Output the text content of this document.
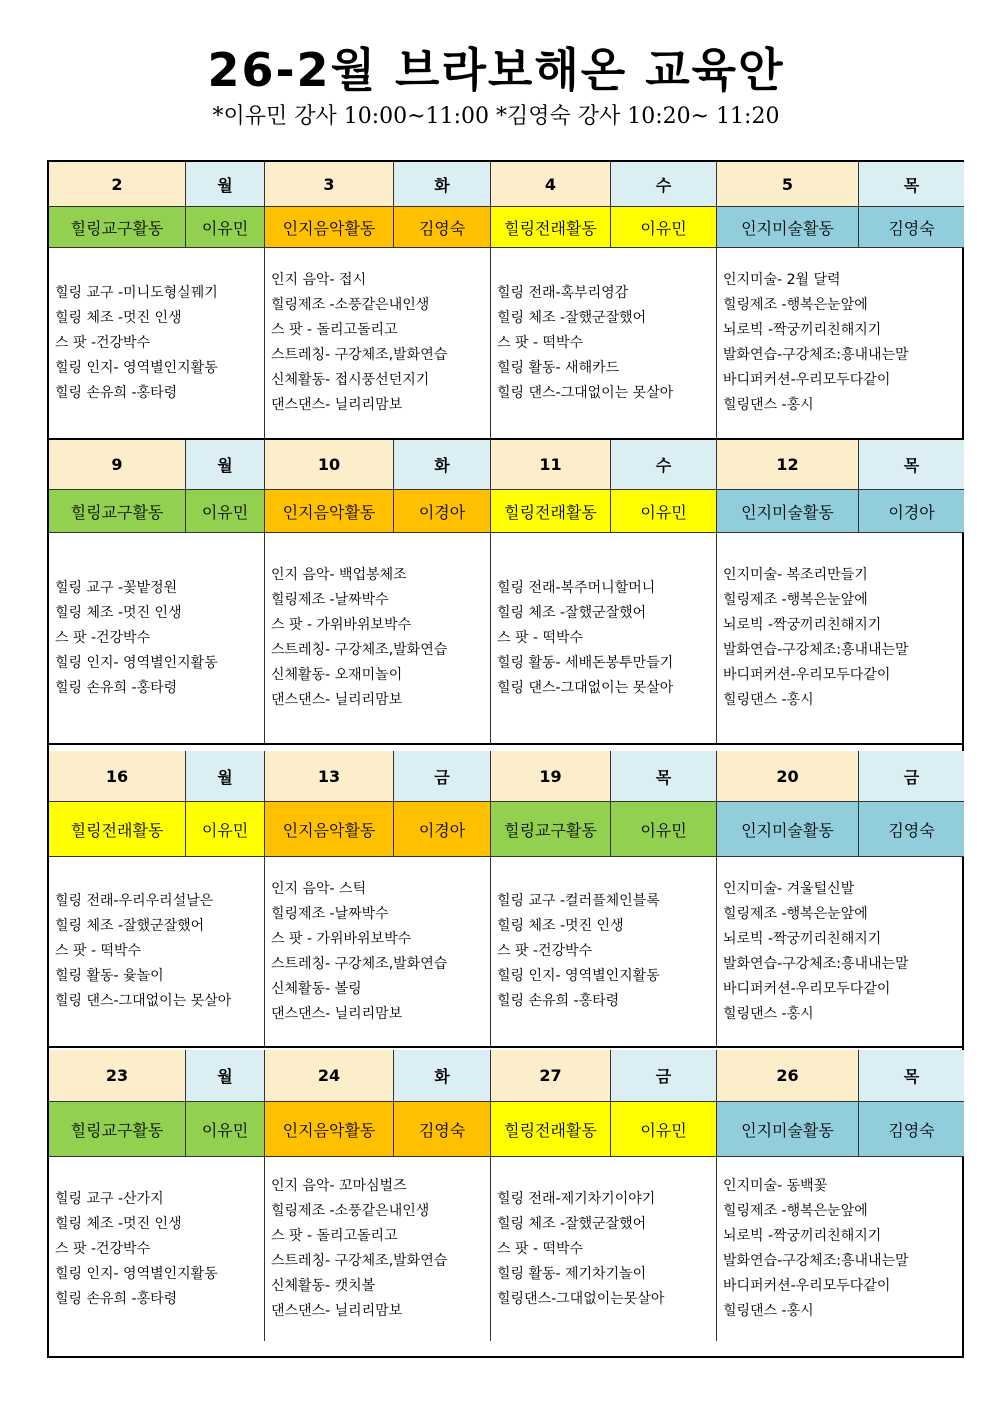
26-2월 브라보해온 교육안
*이유민 강사 10:00~11:00 *김영숙 강사 10:20~ 11:20
2	월
힐링교구활동	이유민
힐링 교구 -미니도형실꿰기
힐링 체조 -멋진 인생
스 팟 -건강박수
힐링 인지- 영역별인지활동
힐링 손유희 -홍타령
3	화
인지음악활동	김영숙
인지 음악- 접시
힐링제조 -소풍같은내인생
스 팟 - 돌리고돌리고
스트레칭- 구강체조,발화연습
신체활동- 접시풍선던지기
댄스댄스- 닐리리맘보
4	수
힐링전래활동	이유민
힐링 전래-혹부리영감
힐링 체조 -잘했군잘했어
스 팟 - 떡박수
힐링 활동- 새해카드
힐링 댄스-그대없이는 못살아
5	목
인지미술활동	김영숙
인지미술- 2월 달력
힐링제조 -행복은눈앞에
뇌로빅 -짝궁끼리친해지기
발화연습-구강체조:흥내내는말
바디퍼커션-우리모두다같이
힐링댄스 -홍시
9	월
힐링교구활동	이유민
힐링 교구 -꽃밭정원
힐링 체조 -멋진 인생
스 팟 -건강박수
힐링 인지- 영역별인지활동
힐링 손유희 -홍타령
10	화
인지음악활동	이경아
인지 음악- 백업봉체조
힐링제조 -날짜박수
스 팟 - 가위바위보박수
스트레칭- 구강체조,발화연습
신체활동- 오재미놀이
댄스댄스- 닐리리맘보
11	수
힐링전래활동	이유민
힐링 전래-복주머니할머니
힐링 체조 -잘했군잘했어
스 팟 - 떡박수
힐링 활동- 세배돈봉투만들기
힐링 댄스-그대없이는 못살아
12	목
인지미술활동	이경아
인지미술- 복조리만들기
힐링제조 -행복은눈앞에
뇌로빅 -짝궁끼리친해지기
발화연습-구강체조:흥내내는말
바디퍼커션-우리모두다같이
힐링댄스 -홍시
16	월
힐링전래활동	이유민
힐링 전래-우리우리설날은
힐링 체조 -잘했군잘했어
스 팟 - 떡박수
힐링 활동- 윷놀이
힐링 댄스-그대없이는 못살아
13	금
인지음악활동	이경아
인지 음악- 스틱
힐링제조 -날짜박수
스 팟 - 가위바위보박수
스트레칭- 구강체조,발화연습
신체활동- 볼링
댄스댄스- 닐리리맘보
19	목
힐링교구활동	이유민
힐링 교구 -컬러플체인블록
힐링 체조 -멋진 인생
스 팟 -건강박수
힐링 인지- 영역별인지활동
힐링 손유희 -홍타령
20	금
인지미술활동	김영숙
인지미술- 겨울털신발
힐링제조 -행복은눈앞에
뇌로빅 -짝궁끼리친해지기
발화연습-구강체조:흥내내는말
바디퍼커션-우리모두다같이
힐링댄스 -홍시
23	월
힐링교구활동	이유민
힐링 교구 -산가지
힐링 체조 -멋진 인생
스 팟 -건강박수
힐링 인지- 영역별인지활동
힐링 손유희 -홍타령
24	화
인지음악활동	김영숙
인지 음악- 꼬마심벌즈
힐링제조 -소풍같은내인생
스 팟 - 돌리고돌리고
스트레칭- 구강체조,발화연습
신체활동- 캣치볼
댄스댄스- 닐리리맘보
27	금
힐링전래활동	이유민
힐링 전래-제기차기이야기
힐링 체조 -잘했군잘했어
스 팟 - 떡박수
힐링 활동- 제기차기놀이
힐링댄스-그대없이는못살아
26	목
인지미술활동	김영숙
인지미술- 동백꽃
힐링제조 -행복은눈앞에
뇌로빅 -짝궁끼리친해지기
발화연습-구강체조:흥내내는말
바디퍼커션-우리모두다같이
힐링댄스 -홍시
